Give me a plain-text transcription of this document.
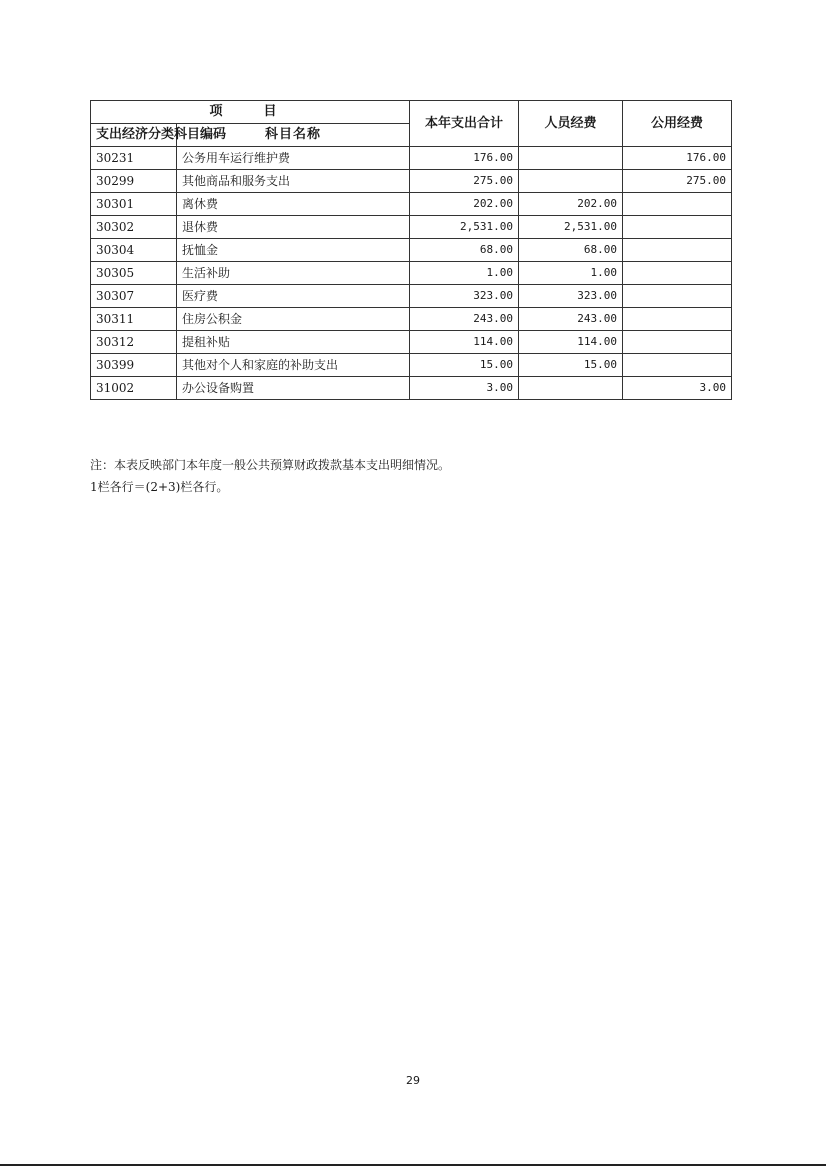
项　目		本年支出合计	人员经费	公用经费
支出经济分类科目编码	科目名称			
30231	公务用车运行维护费	176.00		176.00
30299	其他商品和服务支出	275.00		275.00
30301	离休费	202.00	202.00	
30302	退休费	2,531.00	2,531.00	
30304	抚恤金	68.00	68.00	
30305	生活补助	1.00	1.00	
30307	医疗费	323.00	323.00	
30311	住房公积金	243.00	243.00	
30312	提租补贴	114.00	114.00	
30399	其他对个人和家庭的补助支出	15.00	15.00	
31002	办公设备购置	3.00		3.00
注：本表反映部门本年度一般公共预算财政拨款基本支出明细情况。
1栏各行＝(2+3)栏各行。
29
